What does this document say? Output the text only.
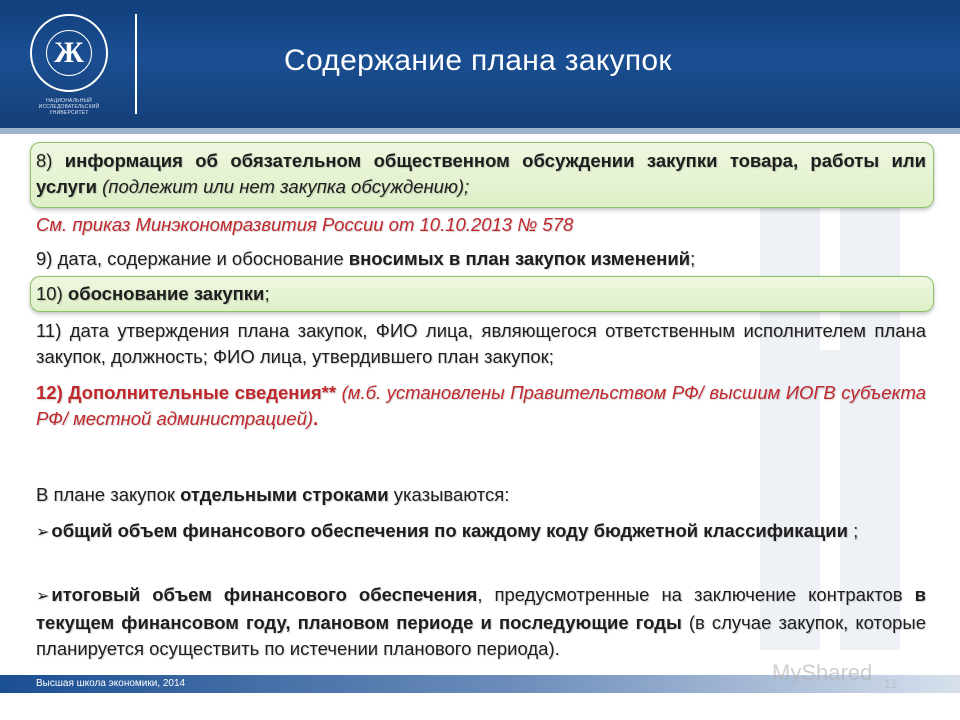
Ж
НАЦИОНАЛЬНЫЙ ИССЛЕДОВАТЕЛЬСКИЙ УНИВЕРСИТЕТ
Содержание плана закупок
8) информация об обязательном общественном обсуждении закупки товара, работы или услуги (подлежит или нет закупка обсуждению);
См. приказ Минэкономразвития России от 10.10.2013 № 578
9) дата, содержание и обоснование вносимых в план закупок изменений;
10) обоснование закупки;
11) дата утверждения плана закупок, ФИО лица, являющегося ответственным исполнителем плана закупок, должность; ФИО лица, утвердившего план закупок;
12) Дополнительные сведения** (м.б. установлены Правительством РФ/ высшим ИОГВ субъекта РФ/ местной администрацией).
В плане закупок отдельными строками указываются:
➢ общий объем финансового обеспечения по каждому коду бюджетной классификации ;
➢ итоговый объем финансового обеспечения, предусмотренные на заключение контрактов в текущем финансовом году, плановом периоде и последующие годы (в случае закупок, которые планируется осуществить по истечении планового периода).
Высшая школа экономики, 2014	MyShared 11
